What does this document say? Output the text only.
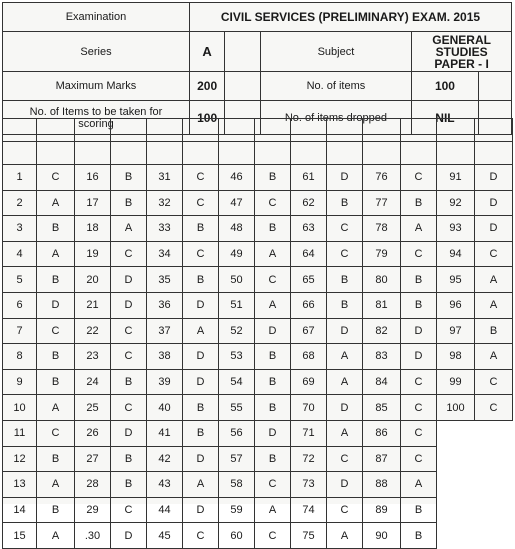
Examination	CIVIL SERVICES (PRELIMINARY) EXAM. 2015				
Series	A		Subject	GENERAL STUDIES
PAPER - I	

Maximum Marks	200		No. of items	100	

No. of Items to be taken for
scoring	100		No. of items dropped	NIL	

1	C	16	B	31	C	46	B	61	D	76	C	91	D
2	A	17	B	32	C	47	C	62	B	77	B	92	D
3	B	18	A	33	B	48	B	63	C	78	A	93	D
4	A	19	C	34	C	49	A	64	C	79	C	94	C
5	B	20	D	35	B	50	C	65	B	80	B	95	A
6	D	21	D	36	D	51	A	66	B	81	B	96	A
7	C	22	C	37	A	52	D	67	D	82	D	97	B
8	B	23	C	38	D	53	B	68	A	83	D	98	A
9	B	24	B	39	D	54	B	69	A	84	C	99	C
10	A	25	C	40	B	55	B	70	D	85	C	100	C
11	C	26	D	41	B	56	D	71	A	86	C		
12	B	27	B	42	D	57	B	72	C	87	C		
13	A	28	B	43	A	58	C	73	D	88	A		
14	B	29	C	44	D	59	A	74	C	89	B		
15	A	.30	D	45	C	60	C	75	A	90	B		
